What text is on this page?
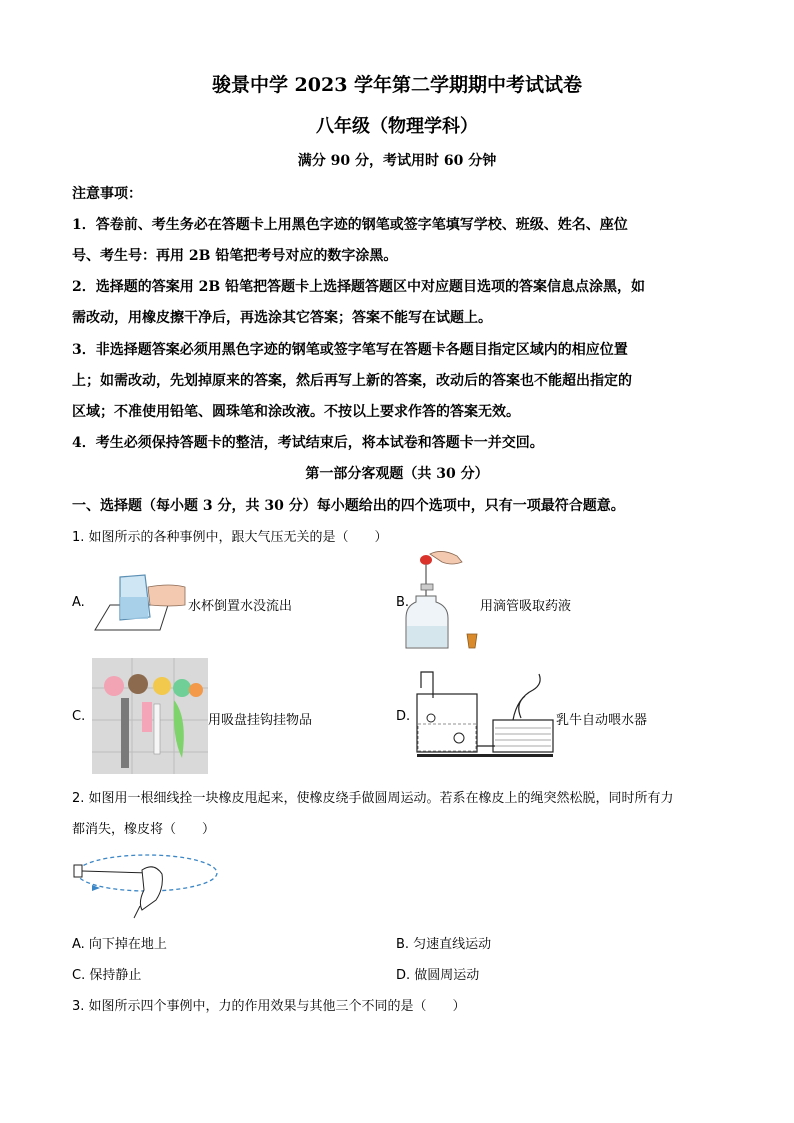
骏景中学 2023 学年第二学期期中考试试卷
八年级（物理学科）
满分 90 分，考试用时 60 分钟
注意事项：
1．答卷前、考生务必在答题卡上用黑色字迹的钢笔或签字笔填写学校、班级、姓名、座位
号、考生号：再用 2B 铅笔把考号对应的数字涂黑。
2．选择题的答案用 2B 铅笔把答题卡上选择题答题区中对应题目选项的答案信息点涂黑，如
需改动，用橡皮擦干净后，再选涂其它答案；答案不能写在试题上。
3．非选择题答案必须用黑色字迹的钢笔或签字笔写在答题卡各题目指定区域内的相应位置
上；如需改动，先划掉原来的答案，然后再写上新的答案，改动后的答案也不能超出指定的
区域；不准使用铅笔、圆珠笔和涂改液。不按以上要求作答的答案无效。
4．考生必须保持答题卡的整洁，考试结束后，将本试卷和答题卡一并交回。
第一部分客观题（共 30 分）
一、选择题（每小题 3 分，共 30 分）每小题给出的四个选项中，只有一项最符合题意。
1. 如图所示的各种事例中，跟大气压无关的是（　　）
A.	水杯倒置水没流出	B.	用滴管吸取药液
C.	用吸盘挂钩挂物品	D.	乳牛自动喂水器
2. 如图用一根细线拴一块橡皮甩起来，使橡皮绕手做圆周运动。若系在橡皮上的绳突然松脱，同时所有力
都消失，橡皮将（　　）
A. 向下掉在地上	B. 匀速直线运动
C. 保持静止	D. 做圆周运动
3. 如图所示四个事例中，力的作用效果与其他三个不同的是（　　）
